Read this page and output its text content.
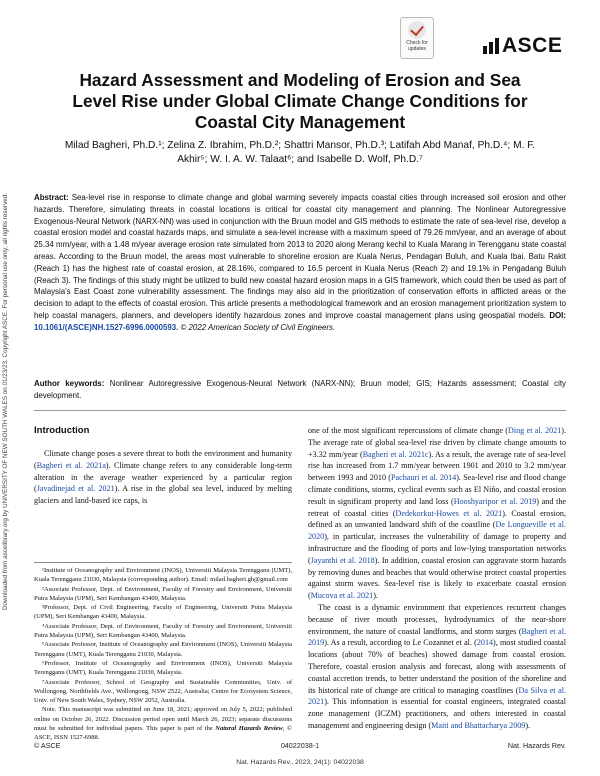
Downloaded from ascelibrary.org by UNIVERSITY OF NEW SOUTH WALES on 01/23/23. Copyright ASCE. For personal use only; all rights reserved.
Check for
updates	ASCE
Hazard Assessment and Modeling of Erosion and Sea Level Rise under Global Climate Change Conditions for Coastal City Management

Milad Bagheri, Ph.D.¹; Zelina Z. Ibrahim, Ph.D.²; Shattri Mansor, Ph.D.³; Latifah Abd Manaf, Ph.D.⁴; M. F. Akhir⁵; W. I. A. W. Talaat⁶; and Isabelle D. Wolf, Ph.D.⁷

Abstract: Sea-level rise in response to climate change and global warming severely impacts coastal cities through increased soil erosion and other hazards. Therefore, simulating threats in coastal locations is critical for coastal city management and planning. The Nonlinear Autoregressive Exogenous-Neural Network (NARX-NN) was used in conjunction with the Bruun model and GIS methods to estimate the rate of sea-level rise, develop a coastal erosion model and coastal hazards maps, and simulate a sea-level increase with a maximum speed of 79.26 mm/year, and an average of about 25.34 mm/year, with a 1.48 m/year average erosion rate simulated from 2013 to 2020 along Merang kechil to Kuala Marang in Terengganu state coastal areas. According to the Bruun model, the areas most vulnerable to shoreline erosion are Kuala Nerus, Pendagan Buluh, and Kuala Ibai. Batu Rakit (Reach 1) has the highest rate of coastal erosion, at 28.16%, compared to 16.5 percent in Kuala Nerus (Reach 2) and 19.1% in Pengadang Buluh (Reach 3). The findings of this study might be utilized to build new coastal hazard erosion maps in a GIS framework, which could then be used as part of Malaysia's East Coast zone vulnerability assessment. The findings may also aid in the prioritization of conservation efforts in afflicted areas or the decision to adapt to the effects of coastal erosion. This article presents a methodological framework and an erosion management prioritization system to help coastal managers, planners, and developers identify hazardous zones and improve coastal management plans using geospatial models. DOI: 10.1061/(ASCE)NH.1527-6996.0000593. © 2022 American Society of Civil Engineers.

Author keywords: Nonlinear Autoregressive Exogenous-Neural Network (NARX-NN); Bruun model; GIS; Hazards assessment; Coastal city development.

Introduction

Climate change poses a severe threat to both the environment and humanity (Bagheri et al. 2021a). Climate change refers to any considerable long-term alteration in the average weather experienced by a particular region (Javadinejad et al. 2021). A rise in the global sea level, induced by melting glaciers and land-based ice caps, is

¹Institute of Oceanography and Environment (INOS), Universiti Malaysia Terengganu (UMT), Kuala Terengganu 21030, Malaysia (corresponding author). Email: milad.bagheri.gh@gmail.com

²Associate Professor, Dept. of Environment, Faculty of Forestry and Environment, Universiti Putra Malaysia (UPM), Seri Kembangan 43400, Malaysia.

³Professor, Dept. of Civil Engineering, Faculty of Engineering, Universiti Putra Malaysia (UPM), Seri Kembangan 43400, Malaysia.

⁴Associate Professor, Dept. of Environment, Faculty of Forestry and Environment, Universiti Putra Malaysia (UPM), Seri Kembangan 43400, Malaysia.

⁵Associate Professor, Institute of Oceanography and Environment (INOS), Universiti Malaysia Terengganu (UMT), Kuala Terengganu 21030, Malaysia.

⁶Professor, Institute of Oceanography and Environment (INOS), Universiti Malaysia Terengganu (UMT), Kuala Terengganu 21030, Malaysia.

⁷Associate Professor, School of Geography and Sustainable Communities, Univ. of Wollongong, Northfields Ave., Wollongong, NSW 2522, Australia; Centre for Ecosystem Science, Univ. of New South Wales, Sydney, NSW 2052, Australia.

Note. This manuscript was submitted on June 18, 2021; approved on July 5, 2022; published online on October 26, 2022. Discussion period open until March 26, 2023; separate discussions must be submitted for individual papers. This paper is part of the Natural Hazards Review, © ASCE, ISSN 1527-6988.

one of the most significant repercussions of climate change (Ding et al. 2021). The average rate of global sea-level rise driven by climate change amounts to +3.32 mm/year (Bagheri et al. 2021c). As a result, the average rate of sea-level rise has increased from 1.7 mm/year between 1901 and 2010 to 3.2 mm/year between 1993 and 2010 (Pachauri et al. 2014). Sea-level rise and flood change climate conditions, storms, cyclical events such as El Niño, and coastal erosion result in significant property and land loss (Hooshyaripor et al. 2019) and the retreat of coastal cities (Dedekorkut-Howes et al. 2021). Coastal erosion, defined as an unwanted landward shift of the coastline (De Longueville et al. 2020), in particular, increases the vulnerability of damage to property and infrastructure and the flooding of ports and low-lying transportation networks (Jayanthi et al. 2018). In addition, coastal erosion can aggravate storm hazards by removing dunes and beaches that would otherwise protect coastal properties against storm waves. Sea-level rise is likely to exacerbate coastal erosion (Mucova et al. 2021).

The coast is a dynamic environment that experiences recurrent changes because of river mouth processes, hydrodynamics of the near-shore environment, the nature of coastal landforms, and storm surges (Bagheri et al. 2019). As a result, according to Le Cozannet et al. (2014), most studied coastal locations (about 70% of beaches) showed damage from coastal erosion. Therefore, coastal erosion analysis and forecast, along with assessments of coastal accretion trends, to better understand the position of the shoreline and its historical rate of change are critical to managing coastlines (Da Silva et al. 2021). This information is essential for coastal engineers, integrated coastal zone management (ICZM) practitioners, and others interested in coastal management and engineering design (Maiti and Bhattacharya 2009).

© ASCE	04022038-1	Nat. Hazards Rev.
Nat. Hazards Rev., 2023, 24(1): 04022038
